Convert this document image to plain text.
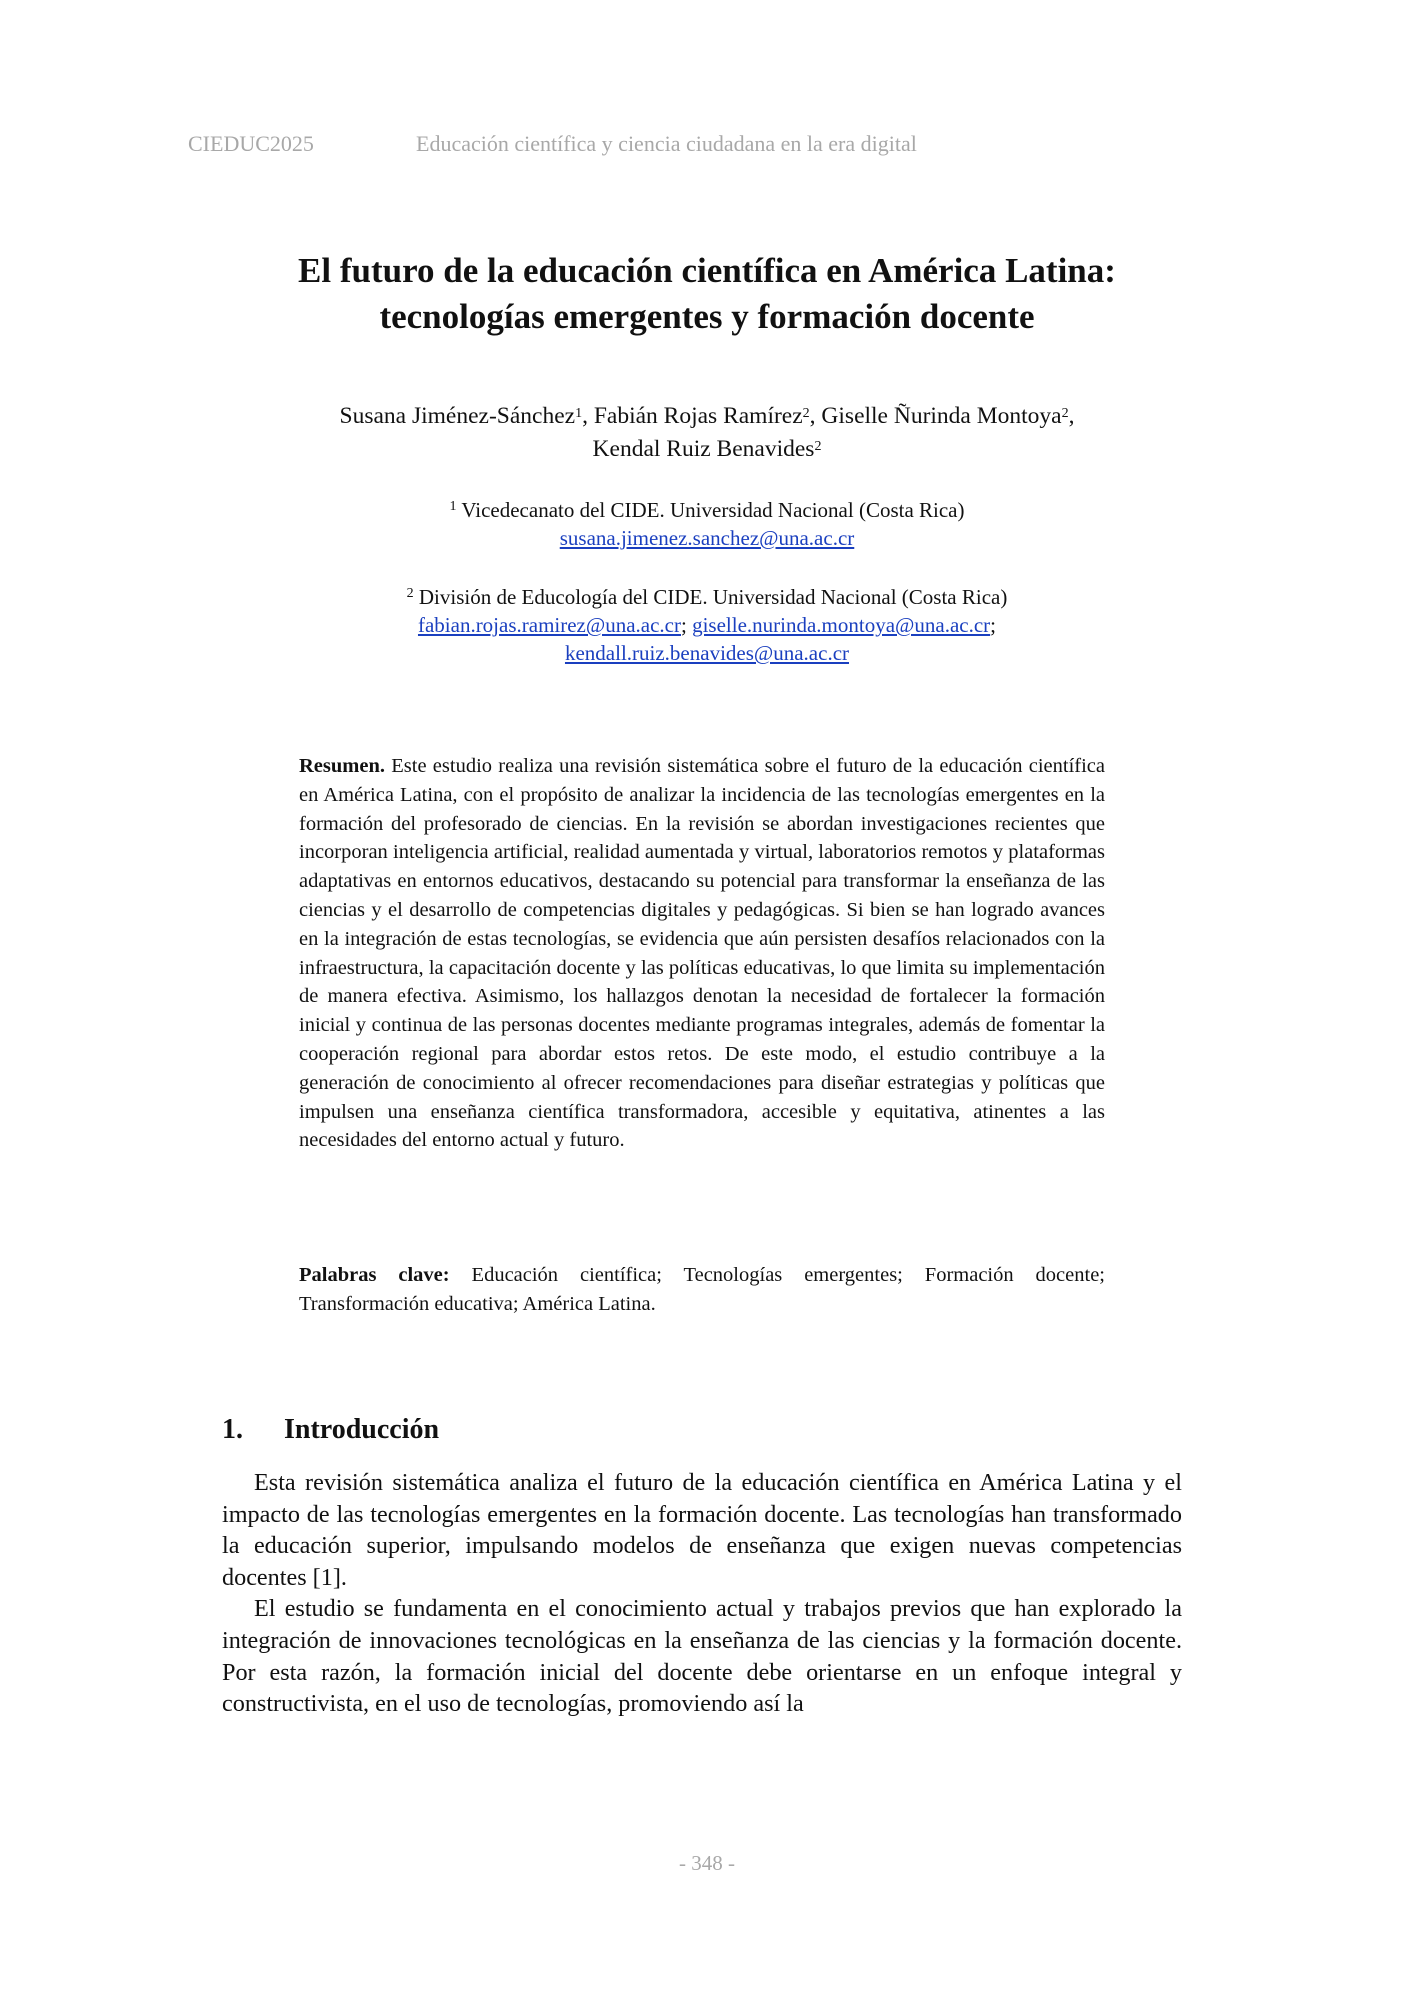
CIEDUC2025	Educación científica y ciencia ciudadana en la era digital
El futuro de la educación científica en América Latina:
tecnologías emergentes y formación docente
Susana Jiménez-Sánchez$^1$, Fabián Rojas Ramírez$^2$, Giselle Ñurinda Montoya$^2$,
Kendal Ruiz Benavides$^2$
$^1$ Vicedecanato del CIDE. Universidad Nacional (Costa Rica)
susana.jimenez.sanchez@una.ac.cr
$^2$ División de Educología del CIDE. Universidad Nacional (Costa Rica)
fabian.rojas.ramirez@una.ac.cr; giselle.nurinda.montoya@una.ac.cr;
kendall.ruiz.benavides@una.ac.cr
Resumen. Este estudio realiza una revisión sistemática sobre el futuro de la educación científica en América Latina, con el propósito de analizar la incidencia de las tecnologías emergentes en la formación del profesorado de ciencias. En la revisión se abordan investigaciones recientes que incorporan inteligencia artificial, realidad aumentada y virtual, laboratorios remotos y plataformas adaptativas en entornos educativos, destacando su potencial para transformar la enseñanza de las ciencias y el desarrollo de competencias digitales y pedagógicas. Si bien se han logrado avances en la integración de estas tecnologías, se evidencia que aún persisten desafíos relacionados con la infraestructura, la capacitación docente y las políticas educativas, lo que limita su implementación de manera efectiva. Asimismo, los hallazgos denotan la necesidad de fortalecer la formación inicial y continua de las personas docentes mediante programas integrales, además de fomentar la cooperación regional para abordar estos retos. De este modo, el estudio contribuye a la generación de conocimiento al ofrecer recomendaciones para diseñar estrategias y políticas que impulsen una enseñanza científica transformadora, accesible y equitativa, atinentes a las necesidades del entorno actual y futuro.
Palabras clave: Educación científica; Tecnologías emergentes; Formación docente; Transformación educativa; América Latina.
1. Introducción

Esta revisión sistemática analiza el futuro de la educación científica en América Latina y el impacto de las tecnologías emergentes en la formación docente. Las tecnologías han transformado la educación superior, impulsando modelos de enseñanza que exigen nuevas competencias docentes [1].

El estudio se fundamenta en el conocimiento actual y trabajos previos que han explorado la integración de innovaciones tecnológicas en la enseñanza de las ciencias y la formación docente. Por esta razón, la formación inicial del docente debe orientarse en un enfoque integral y constructivista, en el uso de tecnologías, promoviendo así la

- 348 -
